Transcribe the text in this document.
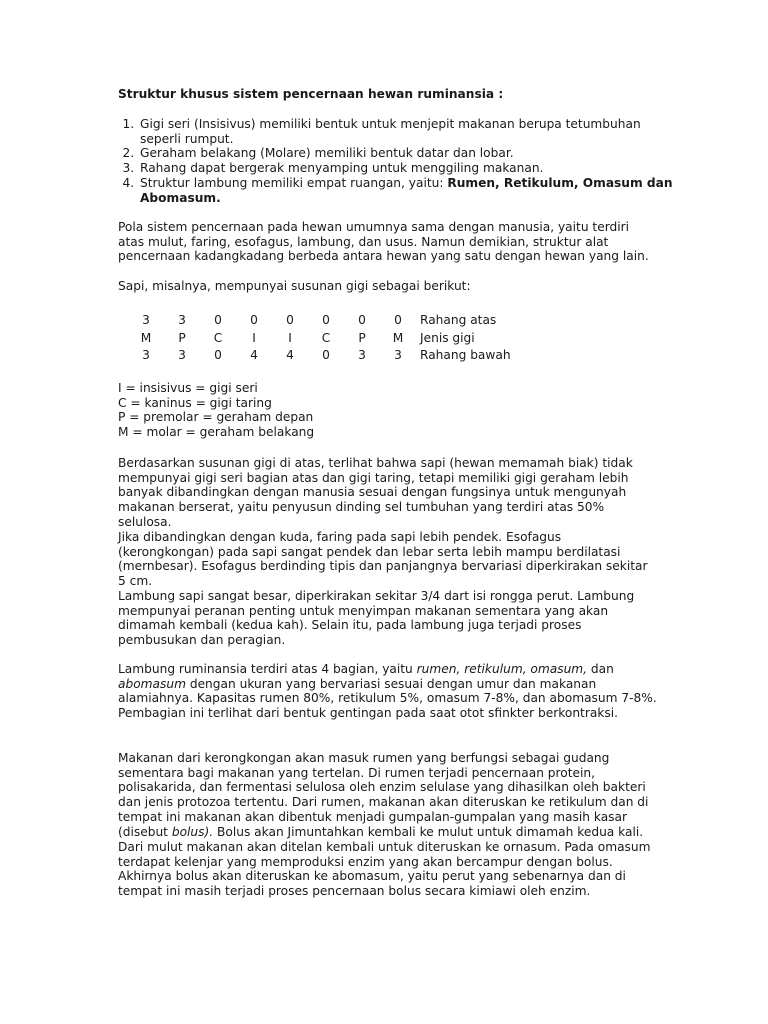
Struktur khusus sistem pencernaan hewan ruminansia :

1. Gigi seri (Insisivus) memiliki bentuk untuk menjepit makanan berupa tetumbuhan seperli rumput.
2. Geraham belakang (Molare) memiliki bentuk datar dan lobar.
3. Rahang dapat bergerak menyamping untuk menggiling makanan.
4. Struktur lambung memiliki empat ruangan, yaitu: Rumen, Retikulum, Omasum dan Abomasum.

Pola sistem pencernaan pada hewan umumnya sama dengan manusia, yaitu terdiri atas mulut, faring, esofagus, lambung, dan usus. Namun demikian, struktur alat pencernaan kadangkadang berbeda antara hewan yang satu dengan hewan yang lain.

Sapi, misalnya, mempunyai susunan gigi sebagai berikut:

3	3	0	0	0	0	0	0	Rahang atas
M	P	C	I	I	C	P	M	Jenis gigi
3	3	0	4	4	0	3	3	Rahang bawah
I = insisivus = gigi seri
C = kaninus = gigi taring
P = premolar = geraham depan
M = molar = geraham belakang

Berdasarkan susunan gigi di atas, terlihat bahwa sapi (hewan memamah biak) tidak mempunyai gigi seri bagian atas dan gigi taring, tetapi memiliki gigi geraham lebih banyak dibandingkan dengan manusia sesuai dengan fungsinya untuk mengunyah makanan berserat, yaitu penyusun dinding sel tumbuhan yang terdiri atas 50% selulosa.

Jika dibandingkan dengan kuda, faring pada sapi lebih pendek. Esofagus (kerongkongan) pada sapi sangat pendek dan lebar serta lebih mampu berdilatasi (mernbesar). Esofagus berdinding tipis dan panjangnya bervariasi diperkirakan sekitar 5 cm.

Lambung sapi sangat besar, diperkirakan sekitar 3/4 dart isi rongga perut. Lambung mempunyai peranan penting untuk menyimpan makanan sementara yang akan dimamah kembali (kedua kah). Selain itu, pada lambung juga terjadi proses pembusukan dan peragian.

Lambung ruminansia terdiri atas 4 bagian, yaitu rumen, retikulum, omasum, dan abomasum dengan ukuran yang bervariasi sesuai dengan umur dan makanan alamiahnya. Kapasitas rumen 80%, retikulum 5%, omasum 7-8%, dan abomasum 7-8%. Pembagian ini terlihat dari bentuk gentingan pada saat otot sfinkter berkontraksi.

Makanan dari kerongkongan akan masuk rumen yang berfungsi sebagai gudang sementara bagi makanan yang tertelan. Di rumen terjadi pencernaan protein, polisakarida, dan fermentasi selulosa oleh enzim selulase yang dihasilkan oleh bakteri dan jenis protozoa tertentu. Dari rumen, makanan akan diteruskan ke retikulum dan di tempat ini makanan akan dibentuk menjadi gumpalan-gumpalan yang masih kasar (disebut bolus). Bolus akan Jimuntahkan kembali ke mulut untuk dimamah kedua kali.

Dari mulut makanan akan ditelan kembali untuk diteruskan ke ornasum. Pada omasum terdapat kelenjar yang memproduksi enzim yang akan bercampur dengan bolus. Akhirnya bolus akan diteruskan ke abomasum, yaitu perut yang sebenarnya dan di tempat ini masih terjadi proses pencernaan bolus secara kimiawi oleh enzim.
